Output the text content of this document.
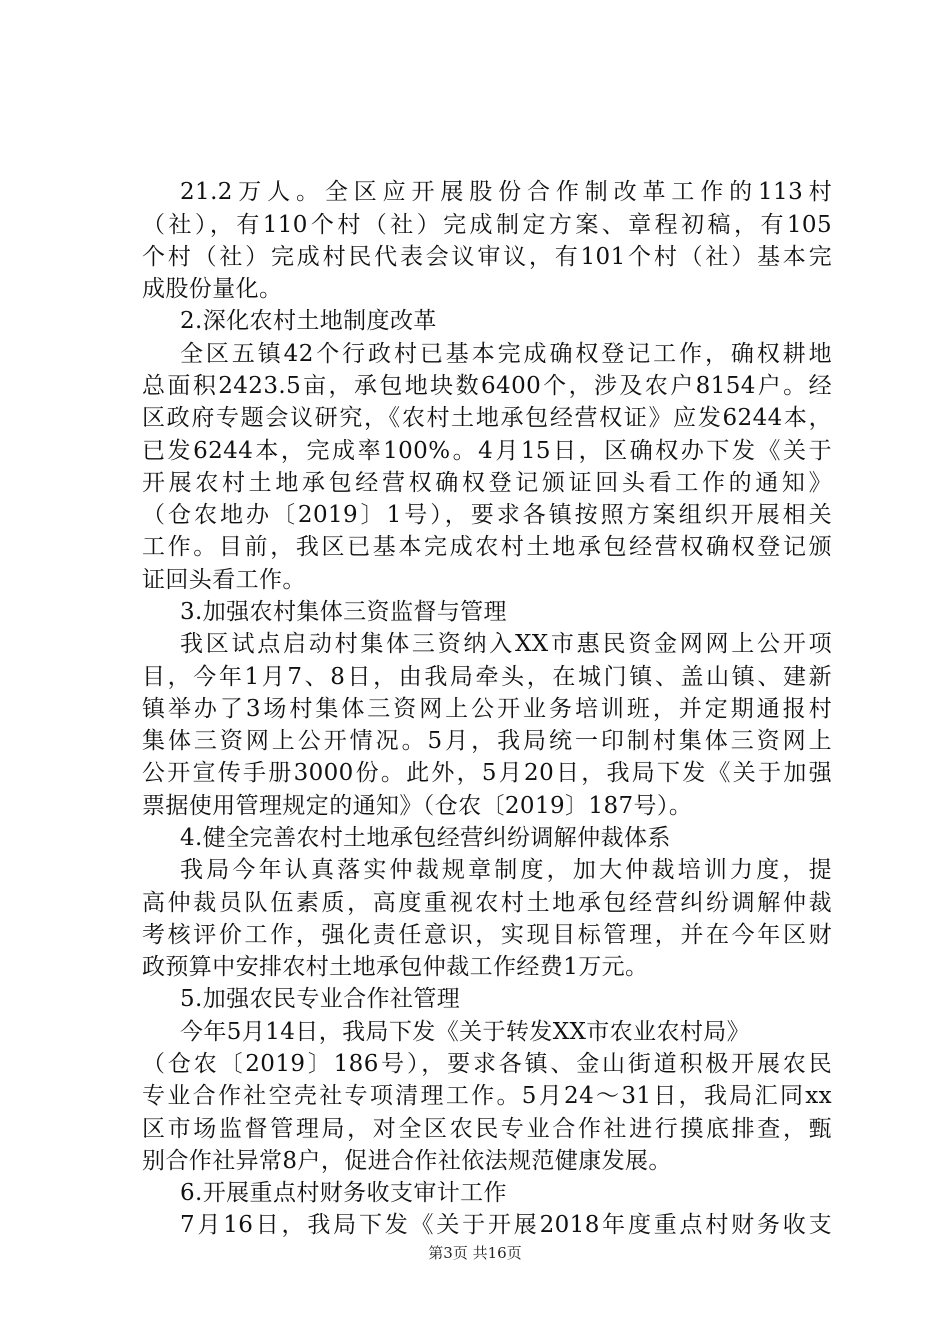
21.2万人。全区应开展股份合作制改革工作的113村
（社），有110个村（社）完成制定方案、章程初稿，有105
个村（社）完成村民代表会议审议，有101个村（社）基本完
成股份量化。
2.深化农村土地制度改革
全区五镇42个行政村已基本完成确权登记工作，确权耕地
总面积2423.5亩，承包地块数6400个，涉及农户8154户。经
区政府专题会议研究，《农村土地承包经营权证》应发6244本，
已发6244本，完成率100%。4月15日，区确权办下发《关于
开展农村土地承包经营权确权登记颁证回头看工作的通知》
（仓农地办〔2019〕1号），要求各镇按照方案组织开展相关
工作。目前，我区已基本完成农村土地承包经营权确权登记颁
证回头看工作。
3.加强农村集体三资监督与管理
我区试点启动村集体三资纳入XX市惠民资金网网上公开项
目，今年1月7、8日，由我局牵头，在城门镇、盖山镇、建新
镇举办了3场村集体三资网上公开业务培训班，并定期通报村
集体三资网上公开情况。5月，我局统一印制村集体三资网上
公开宣传手册3000份。此外，5月20日，我局下发《关于加强
票据使用管理规定的通知》（仓农〔2019〕187号）。
4.健全完善农村土地承包经营纠纷调解仲裁体系
我局今年认真落实仲裁规章制度，加大仲裁培训力度，提
高仲裁员队伍素质，高度重视农村土地承包经营纠纷调解仲裁
考核评价工作，强化责任意识，实现目标管理，并在今年区财
政预算中安排农村土地承包仲裁工作经费1万元。
5.加强农民专业合作社管理
今年5月14日，我局下发《关于转发XX市农业农村局》
（仓农〔2019〕186号），要求各镇、金山街道积极开展农民
专业合作社空壳社专项清理工作。5月24～31日，我局汇同xx
区市场监督管理局，对全区农民专业合作社进行摸底排查，甄
别合作社异常8户，促进合作社依法规范健康发展。
6.开展重点村财务收支审计工作
7月16日，我局下发《关于开展2018年度重点村财务收支
第3页 共16页
